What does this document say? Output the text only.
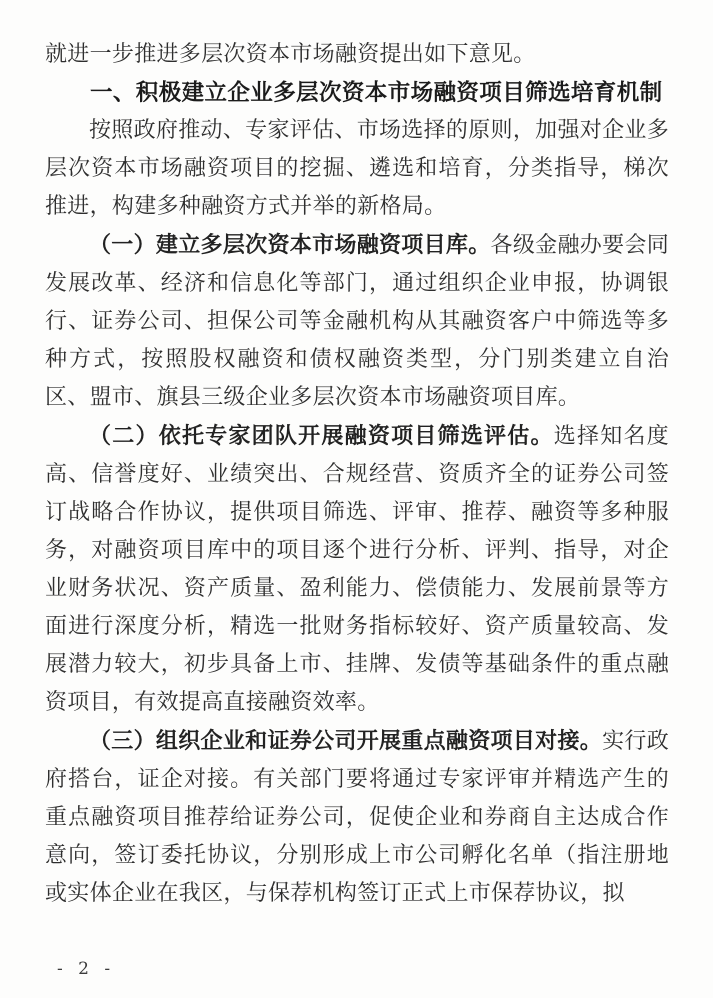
就进一步推进多层次资本市场融资提出如下意见。

一、积极建立企业多层次资本市场融资项目筛选培育机制

按照政府推动、专家评估、市场选择的原则，加强对企业多层次资本市场融资项目的挖掘、遴选和培育，分类指导，梯次推进，构建多种融资方式并举的新格局。

（一）建立多层次资本市场融资项目库。各级金融办要会同发展改革、经济和信息化等部门，通过组织企业申报，协调银行、证券公司、担保公司等金融机构从其融资客户中筛选等多种方式，按照股权融资和债权融资类型，分门别类建立自治区、盟市、旗县三级企业多层次资本市场融资项目库。

（二）依托专家团队开展融资项目筛选评估。选择知名度高、信誉度好、业绩突出、合规经营、资质齐全的证券公司签订战略合作协议，提供项目筛选、评审、推荐、融资等多种服务，对融资项目库中的项目逐个进行分析、评判、指导，对企业财务状况、资产质量、盈利能力、偿债能力、发展前景等方面进行深度分析，精选一批财务指标较好、资产质量较高、发展潜力较大，初步具备上市、挂牌、发债等基础条件的重点融资项目，有效提高直接融资效率。

（三）组织企业和证券公司开展重点融资项目对接。实行政府搭台，证企对接。有关部门要将通过专家评审并精选产生的重点融资项目推荐给证券公司，促使企业和券商自主达成合作意向，签订委托协议，分别形成上市公司孵化名单（指注册地或实体企业在我区，与保荐机构签订正式上市保荐协议，拟

- 2 -
